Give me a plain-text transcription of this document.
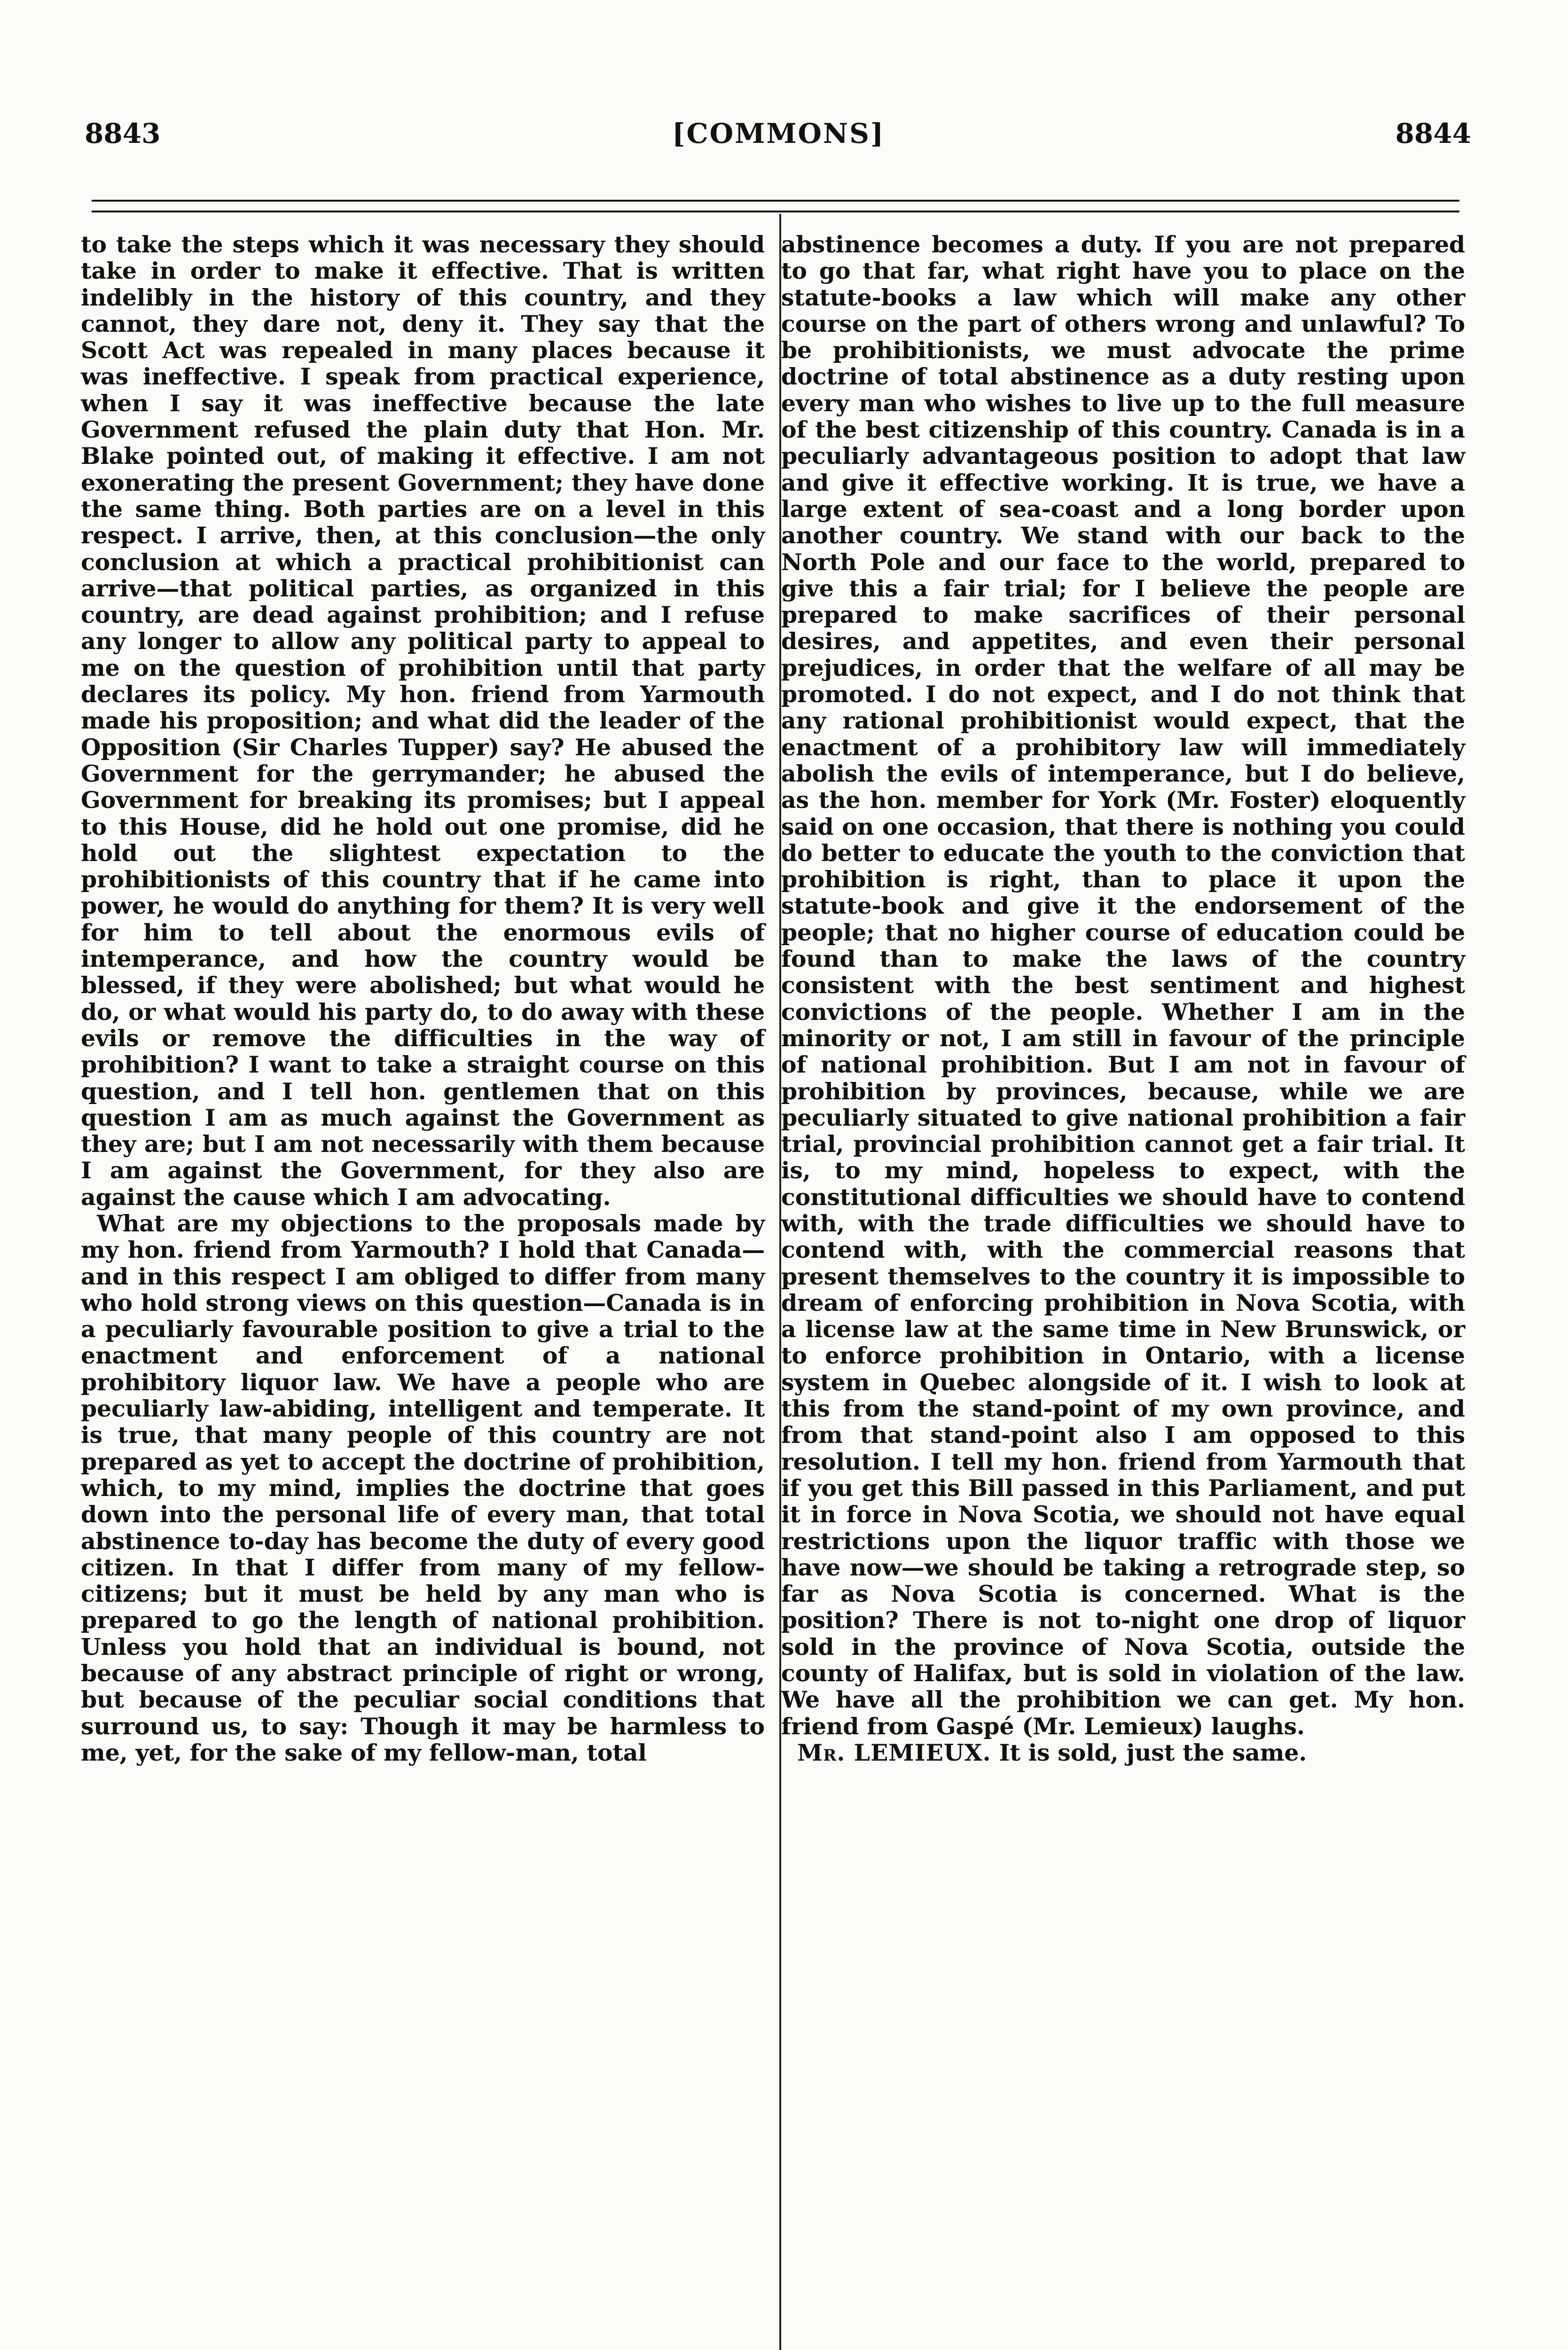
8843	[COMMONS]	8844

to take the steps which it was necessary they should take in order to make it effective. That is written indelibly in the history of this country, and they cannot, they dare not, deny it. They say that the Scott Act was repealed in many places because it was ineffective. I speak from practical experience, when I say it was ineffective because the late Government refused the plain duty that Hon. Mr. Blake pointed out, of making it effective. I am not exonerating the present Government; they have done the same thing. Both parties are on a level in this respect. I arrive, then, at this conclusion—the only conclusion at which a practical prohibitionist can arrive—that political parties, as organized in this country, are dead against prohibition; and I refuse any longer to allow any political party to appeal to me on the question of prohibition until that party declares its policy. My hon. friend from Yarmouth made his proposition; and what did the leader of the Opposition (Sir Charles Tupper) say? He abused the Government for the gerrymander; he abused the Government for breaking its promises; but I appeal to this House, did he hold out one promise, did he hold out the slightest expectation to the prohibitionists of this country that if he came into power, he would do anything for them? It is very well for him to tell about the enormous evils of intemperance, and how the country would be blessed, if they were abolished; but what would he do, or what would his party do, to do away with these evils or remove the difficulties in the way of prohibition? I want to take a straight course on this question, and I tell hon. gentlemen that on this question I am as much against the Government as they are; but I am not necessarily with them because I am against the Government, for they also are against the cause which I am advocating.

What are my objections to the proposals made by my hon. friend from Yarmouth? I hold that Canada—and in this respect I am obliged to differ from many who hold strong views on this question—Canada is in a peculiarly favourable position to give a trial to the enactment and enforcement of a national prohibitory liquor law. We have a people who are peculiarly law-abiding, intelligent and temperate. It is true, that many people of this country are not prepared as yet to accept the doctrine of prohibition, which, to my mind, implies the doctrine that goes down into the personal life of every man, that total abstinence to-day has become the duty of every good citizen. In that I differ from many of my fellow-citizens; but it must be held by any man who is prepared to go the length of national prohibition. Unless you hold that an individual is bound, not because of any abstract principle of right or wrong, but because of the peculiar social conditions that surround us, to say: Though it may be harmless to me, yet, for the sake of my fellow-man, total

abstinence becomes a duty. If you are not prepared to go that far, what right have you to place on the statute-books a law which will make any other course on the part of others wrong and unlawful? To be prohibitionists, we must advocate the prime doctrine of total abstinence as a duty resting upon every man who wishes to live up to the full measure of the best citizenship of this country. Canada is in a peculiarly advantageous position to adopt that law and give it effective working. It is true, we have a large extent of sea-coast and a long border upon another country. We stand with our back to the North Pole and our face to the world, prepared to give this a fair trial; for I believe the people are prepared to make sacrifices of their personal desires, and appetites, and even their personal prejudices, in order that the welfare of all may be promoted. I do not expect, and I do not think that any rational prohibitionist would expect, that the enactment of a prohibitory law will immediately abolish the evils of intemperance, but I do believe, as the hon. member for York (Mr. Foster) eloquently said on one occasion, that there is nothing you could do better to educate the youth to the conviction that prohibition is right, than to place it upon the statute-book and give it the endorsement of the people; that no higher course of education could be found than to make the laws of the country consistent with the best sentiment and highest convictions of the people. Whether I am in the minority or not, I am still in favour of the principle of national prohibition. But I am not in favour of prohibition by provinces, because, while we are peculiarly situated to give national prohibition a fair trial, provincial prohibition cannot get a fair trial. It is, to my mind, hopeless to expect, with the constitutional difficulties we should have to contend with, with the trade difficulties we should have to contend with, with the commercial reasons that present themselves to the country it is impossible to dream of enforcing prohibition in Nova Scotia, with a license law at the same time in New Brunswick, or to enforce prohibition in Ontario, with a license system in Quebec alongside of it. I wish to look at this from the stand-point of my own province, and from that stand-point also I am opposed to this resolution. I tell my hon. friend from Yarmouth that if you get this Bill passed in this Parliament, and put it in force in Nova Scotia, we should not have equal restrictions upon the liquor traffic with those we have now—we should be taking a retrograde step, so far as Nova Scotia is concerned. What is the position? There is not to-night one drop of liquor sold in the province of Nova Scotia, outside the county of Halifax, but is sold in violation of the law. We have all the prohibition we can get. My hon. friend from Gaspé (Mr. Lemieux) laughs.

Mr. LEMIEUX. It is sold, just the same.
